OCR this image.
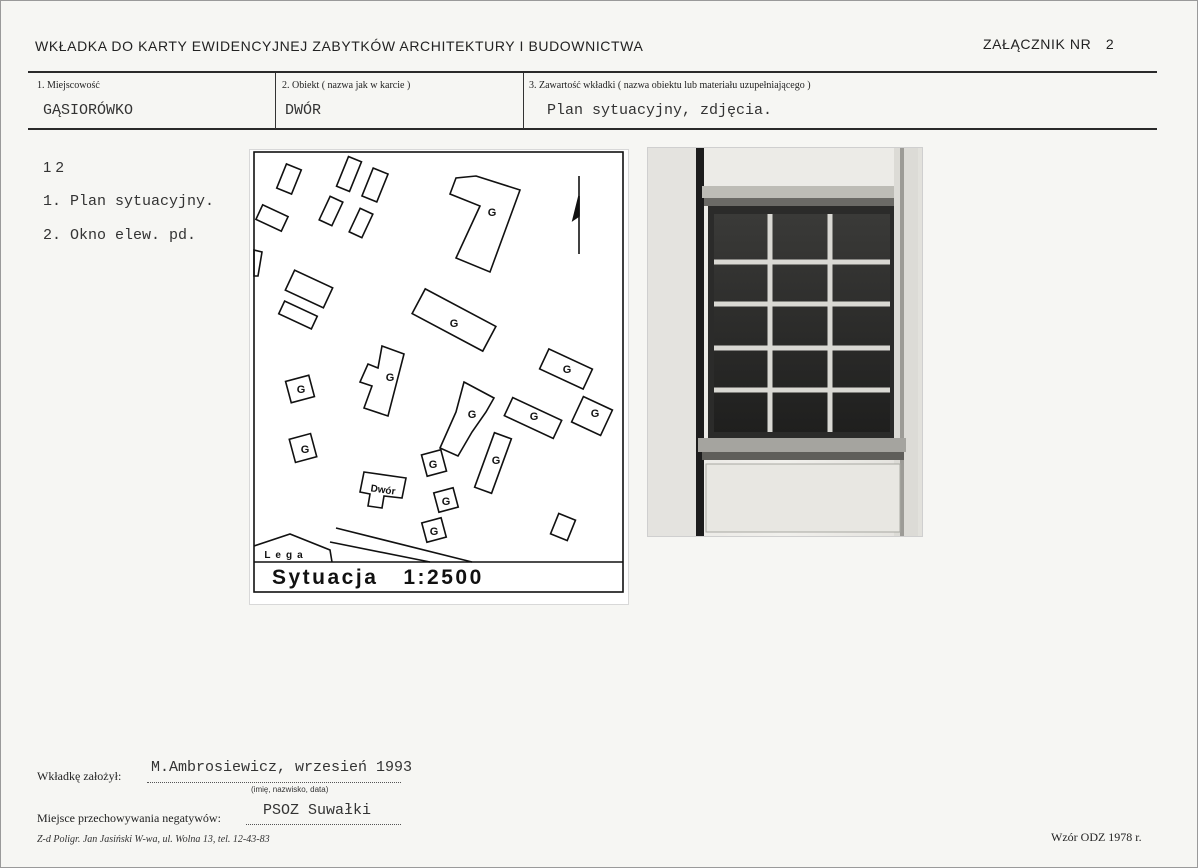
WKŁADKA DO KARTY EWIDENCYJNEJ ZABYTKÓW ARCHITEKTURY I BUDOWNICTWA	ZAŁĄCZNIK NR 2
1. Miejscowość
GĄSIORÓWKO
2. Obiekt ( nazwa jak w karcie )
DWÓR
3. Zawartość wkładki ( nazwa obiektu lub materiału uzupełniającego )
Plan sytuacyjny, zdjęcia.
1 2
1. Plan sytuacyjny.
2. Okno elew. pd.
G
G
G
G
G
G
G
G
G
G
G
G
G
Dwór
Lega
Sytuacja   1:2500
Wkładkę założył: M.Ambrosiewicz, wrzesień 1993
(imię, nazwisko, data)
Miejsce przechowywania negatywów:	PSOZ Suwałki
Z-d Poligr. Jan Jasiński W-wa, ul. Wolna 13, tel. 12-43-83	Wzór ODZ 1978 r.
